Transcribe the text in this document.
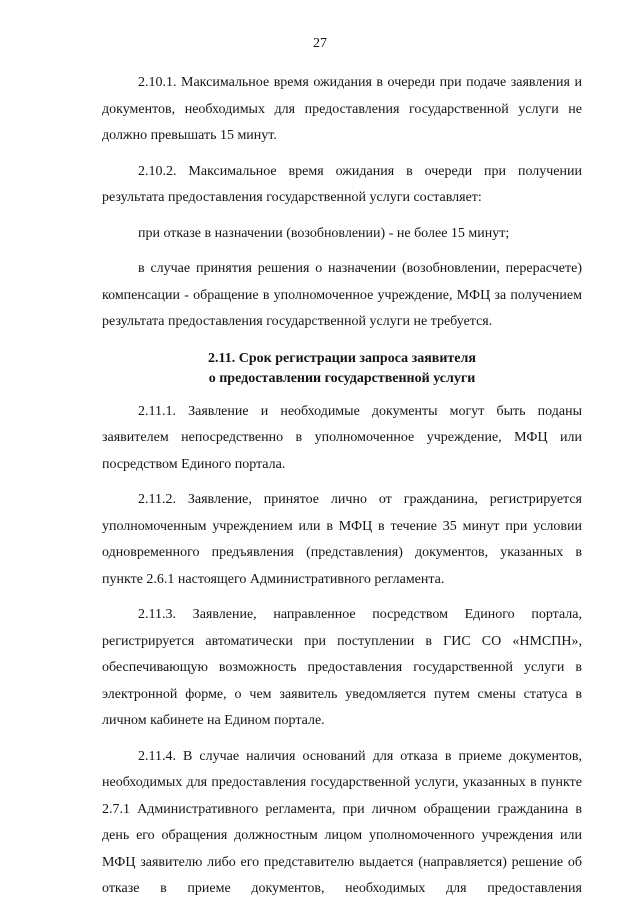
27

2.10.1. Максимальное время ожидания в очереди при подаче заявления и документов, необходимых для предоставления государственной услуги не должно превышать 15 минут.

2.10.2. Максимальное время ожидания в очереди при получении результата предоставления государственной услуги составляет:

при отказе в назначении (возобновлении) - не более 15 минут;

в случае принятия решения о назначении (возобновлении, перерасчете) компенсации - обращение в уполномоченное учреждение, МФЦ за получением результата предоставления государственной услуги не требуется.

2.11. Срок регистрации запроса заявителя
о предоставлении государственной услуги

2.11.1. Заявление и необходимые документы могут быть поданы заявителем непосредственно в уполномоченное учреждение, МФЦ или посредством Единого портала.

2.11.2. Заявление, принятое лично от гражданина, регистрируется уполномоченным учреждением или в МФЦ в течение 35 минут при условии одновременного предъявления (представления) документов, указанных в пункте 2.6.1 настоящего Административного регламента.

2.11.3. Заявление, направленное посредством Единого портала, регистрируется автоматически при поступлении в ГИС СО «НМСПН», обеспечивающую возможность предоставления государственной услуги в электронной форме, о чем заявитель уведомляется путем смены статуса в личном кабинете на Едином портале.

2.11.4. В случае наличия оснований для отказа в приеме документов, необходимых для предоставления государственной услуги, указанных в пункте 2.7.1 Административного регламента, при личном обращении гражданина в день его обращения должностным лицом уполномоченного учреждения или МФЦ заявителю либо его представителю выдается (направляется) решение об отказе в приеме документов, необходимых для предоставления
